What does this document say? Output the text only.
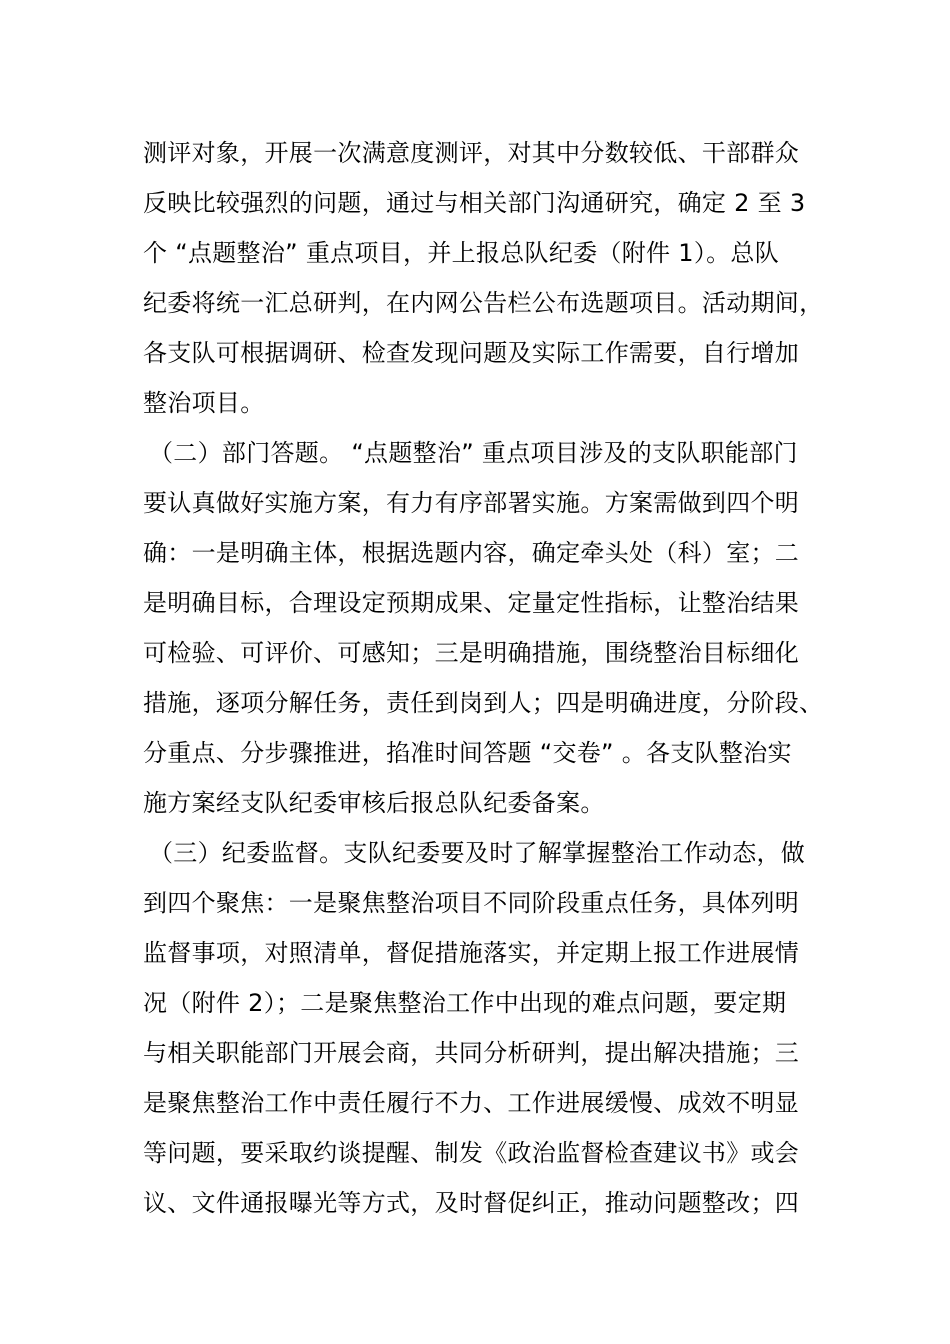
测评对象，开展一次满意度测评，对其中分数较低、干部群众
反映比较强烈的问题，通过与相关部门沟通研究，确定 2 至 3
个 “点题整治” 重点项目，并上报总队纪委（附件 1）。总队
纪委将统一汇总研判，在内网公告栏公布选题项目。活动期间，
各支队可根据调研、检查发现问题及实际工作需要，自行增加
整治项目。
（二）部门答题。 “点题整治” 重点项目涉及的支队职能部门
要认真做好实施方案，有力有序部署实施。方案需做到四个明
确：一是明确主体，根据选题内容，确定牵头处（科）室；二
是明确目标，合理设定预期成果、定量定性指标，让整治结果
可检验、可评价、可感知；三是明确措施，围绕整治目标细化
措施，逐项分解任务，责任到岗到人；四是明确进度，分阶段、
分重点、分步骤推进，掐准时间答题 “交卷” 。各支队整治实
施方案经支队纪委审核后报总队纪委备案。
（三）纪委监督。支队纪委要及时了解掌握整治工作动态，做
到四个聚焦：一是聚焦整治项目不同阶段重点任务，具体列明
监督事项，对照清单，督促措施落实，并定期上报工作进展情
况（附件 2）；二是聚焦整治工作中出现的难点问题，要定期
与相关职能部门开展会商，共同分析研判，提出解决措施；三
是聚焦整治工作中责任履行不力、工作进展缓慢、成效不明显
等问题，要采取约谈提醒、制发《政治监督检查建议书》或会
议、文件通报曝光等方式，及时督促纠正，推动问题整改；四
